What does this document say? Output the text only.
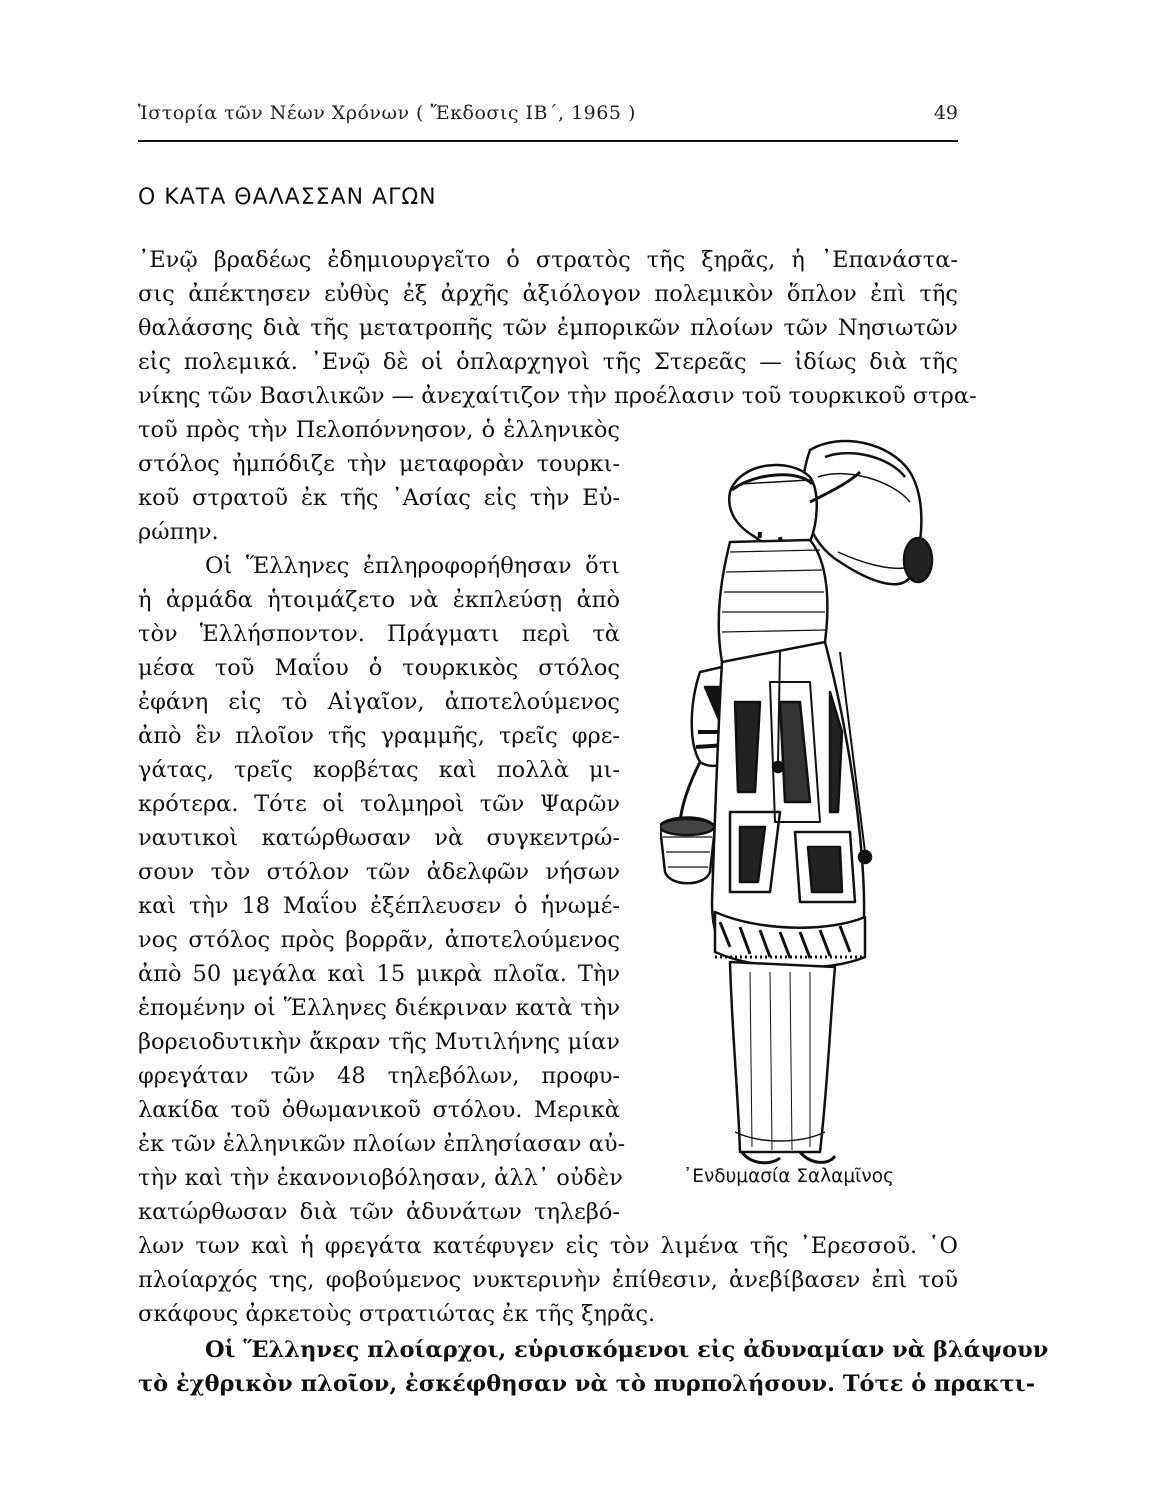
Ἱστορία τῶν Νέων Χρόνων ( Ἔκδοσις ΙΒ΄, 1965 )	49
Ο ΚΑΤΑ ΘΑΛΑΣΣΑΝ ΑΓΩΝ
᾿Ενῷ βραδέως ἐδημιουργεῖτο ὁ στρατὸς τῆς ξηρᾶς, ἡ ᾿Επανάστα-
σις ἀπέκτησεν εὐθὺς ἐξ ἀρχῆς ἀξιόλογον πολεμικὸν ὅπλον ἐπὶ τῆς
θαλάσσης διὰ τῆς μετατροπῆς τῶν ἐμπορικῶν πλοίων τῶν Νησιωτῶν
εἰς πολεμικά. ᾿Ενῷ δὲ οἱ ὁπλαρχηγοὶ τῆς Στερεᾶς — ἰδίως διὰ τῆς
νίκης τῶν Βασιλικῶν — ἀνεχαίτιζον τὴν προέλασιν τοῦ τουρκικοῦ στρα-
τοῦ πρὸς τὴν Πελοπόννησον, ὁ ἑλληνικὸς
στόλος ἠμπόδιζε τὴν μεταφορὰν τουρκι-
κοῦ στρατοῦ ἐκ τῆς ᾿Ασίας εἰς τὴν Εὐ-
ρώπην.
Οἱ Ἕλληνες ἐπληροφορήθησαν ὅτι
ἡ ἀρμάδα ἡτοιμάζετο νὰ ἐκπλεύσῃ ἀπὸ
τὸν Ἑλλήσποντον. Πράγματι περὶ τὰ
μέσα τοῦ Μαΐου ὁ τουρκικὸς στόλος
ἐφάνη εἰς τὸ Αἰγαῖον, ἀποτελούμενος
ἀπὸ ἓν πλοῖον τῆς γραμμῆς, τρεῖς φρε-
γάτας, τρεῖς κορβέτας καὶ πολλὰ μι-
κρότερα. Τότε οἱ τολμηροὶ τῶν Ψαρῶν
ναυτικοὶ κατώρθωσαν νὰ συγκεντρώ-
σουν τὸν στόλον τῶν ἀδελφῶν νήσων
καὶ τὴν 18 Μαΐου ἐξέπλευσεν ὁ ἡνωμέ-
νος στόλος πρὸς βορρᾶν, ἀποτελούμενος
ἀπὸ 50 μεγάλα καὶ 15 μικρὰ πλοῖα. Τὴν
ἑπομένην οἱ Ἕλληνες διέκριναν κατὰ τὴν
βορειοδυτικὴν ἄκραν τῆς Μυτιλήνης μίαν
φρεγάταν τῶν 48 τηλεβόλων, προφυ-
λακίδα τοῦ ὀθωμανικοῦ στόλου. Μερικὰ
ἐκ τῶν ἑλληνικῶν πλοίων ἐπλησίασαν αὐ-
τὴν καὶ τὴν ἐκανονιοβόλησαν, ἀλλ᾿ οὐδὲν
κατώρθωσαν διὰ τῶν ἀδυνάτων τηλεβό-
λων των καὶ ἡ φρεγάτα κατέφυγεν εἰς τὸν λιμένα τῆς ᾿Ερεσσοῦ. ῾Ο
πλοίαρχός της, φοβούμενος νυκτερινὴν ἐπίθεσιν, ἀνεβίβασεν ἐπὶ τοῦ
σκάφους ἀρκετοὺς στρατιώτας ἐκ τῆς ξηρᾶς.
Οἱ Ἕλληνες πλοίαρχοι, εὑρισκόμενοι εἰς ἀδυναμίαν νὰ βλάψουν
τὸ ἐχθρικὸν πλοῖον, ἐσκέφθησαν νὰ τὸ πυρπολήσουν. Τότε ὁ πρακτι-
᾿Ενδυμασία Σαλαμῖνος
